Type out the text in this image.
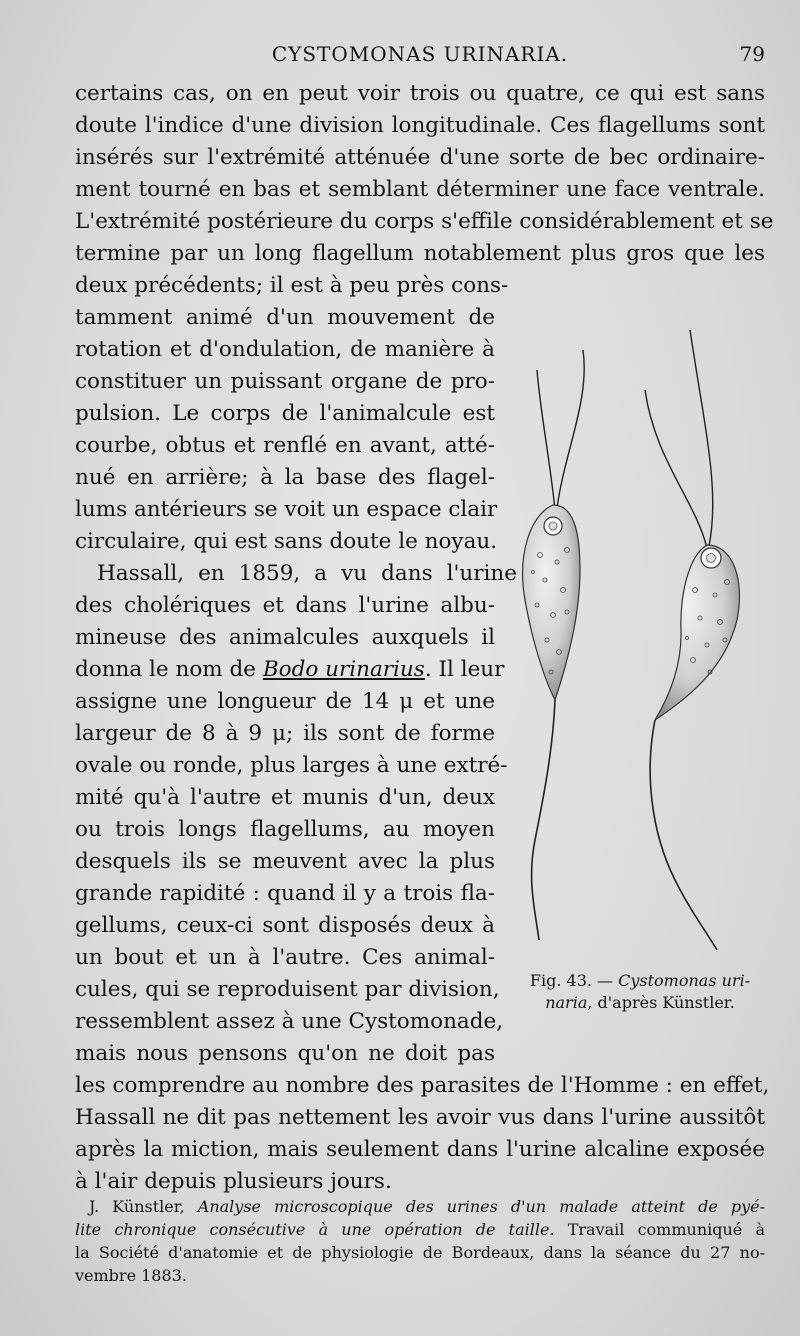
CYSTOMONAS URINARIA.	79
certains cas, on en peut voir trois ou quatre, ce qui est sans
doute l'indice d'une division longitudinale. Ces flagellums sont
insérés sur l'extrémité atténuée d'une sorte de bec ordinaire-
ment tourné en bas et semblant déterminer une face ventrale.
L'extrémité postérieure du corps s'effile considérablement et se
termine par un long flagellum notablement plus gros que les
deux précédents; il est à peu près cons-
tamment animé d'un mouvement de
rotation et d'ondulation, de manière à
constituer un puissant organe de pro-
pulsion. Le corps de l'animalcule est
courbe, obtus et renflé en avant, atté-
nué en arrière; à la base des flagel-
lums antérieurs se voit un espace clair
circulaire, qui est sans doute le noyau.
Hassall, en 1859, a vu dans l'urine
des cholériques et dans l'urine albu-
mineuse des animalcules auxquels il
donna le nom de Bodo urinarius. Il leur
assigne une longueur de 14 μ et une
largeur de 8 à 9 μ; ils sont de forme
ovale ou ronde, plus larges à une extré-
mité qu'à l'autre et munis d'un, deux
ou trois longs flagellums, au moyen
desquels ils se meuvent avec la plus
grande rapidité : quand il y a trois fla-
gellums, ceux-ci sont disposés deux à
un bout et un à l'autre. Ces animal-
cules, qui se reproduisent par division,
ressemblent assez à une Cystomonade,
mais nous pensons qu'on ne doit pas
les comprendre au nombre des parasites de l'Homme : en effet,
Hassall ne dit pas nettement les avoir vus dans l'urine aussitôt
après la miction, mais seulement dans l'urine alcaline exposée
à l'air depuis plusieurs jours.
Fig. 43. — Cystomonas uri-
naria, d'après Künstler.
J. Künstler, Analyse microscopique des urines d'un malade atteint de pyé-
lite chronique consécutive à une opération de taille. Travail communiqué à
la Société d'anatomie et de physiologie de Bordeaux, dans la séance du 27 no-
vembre 1883.
